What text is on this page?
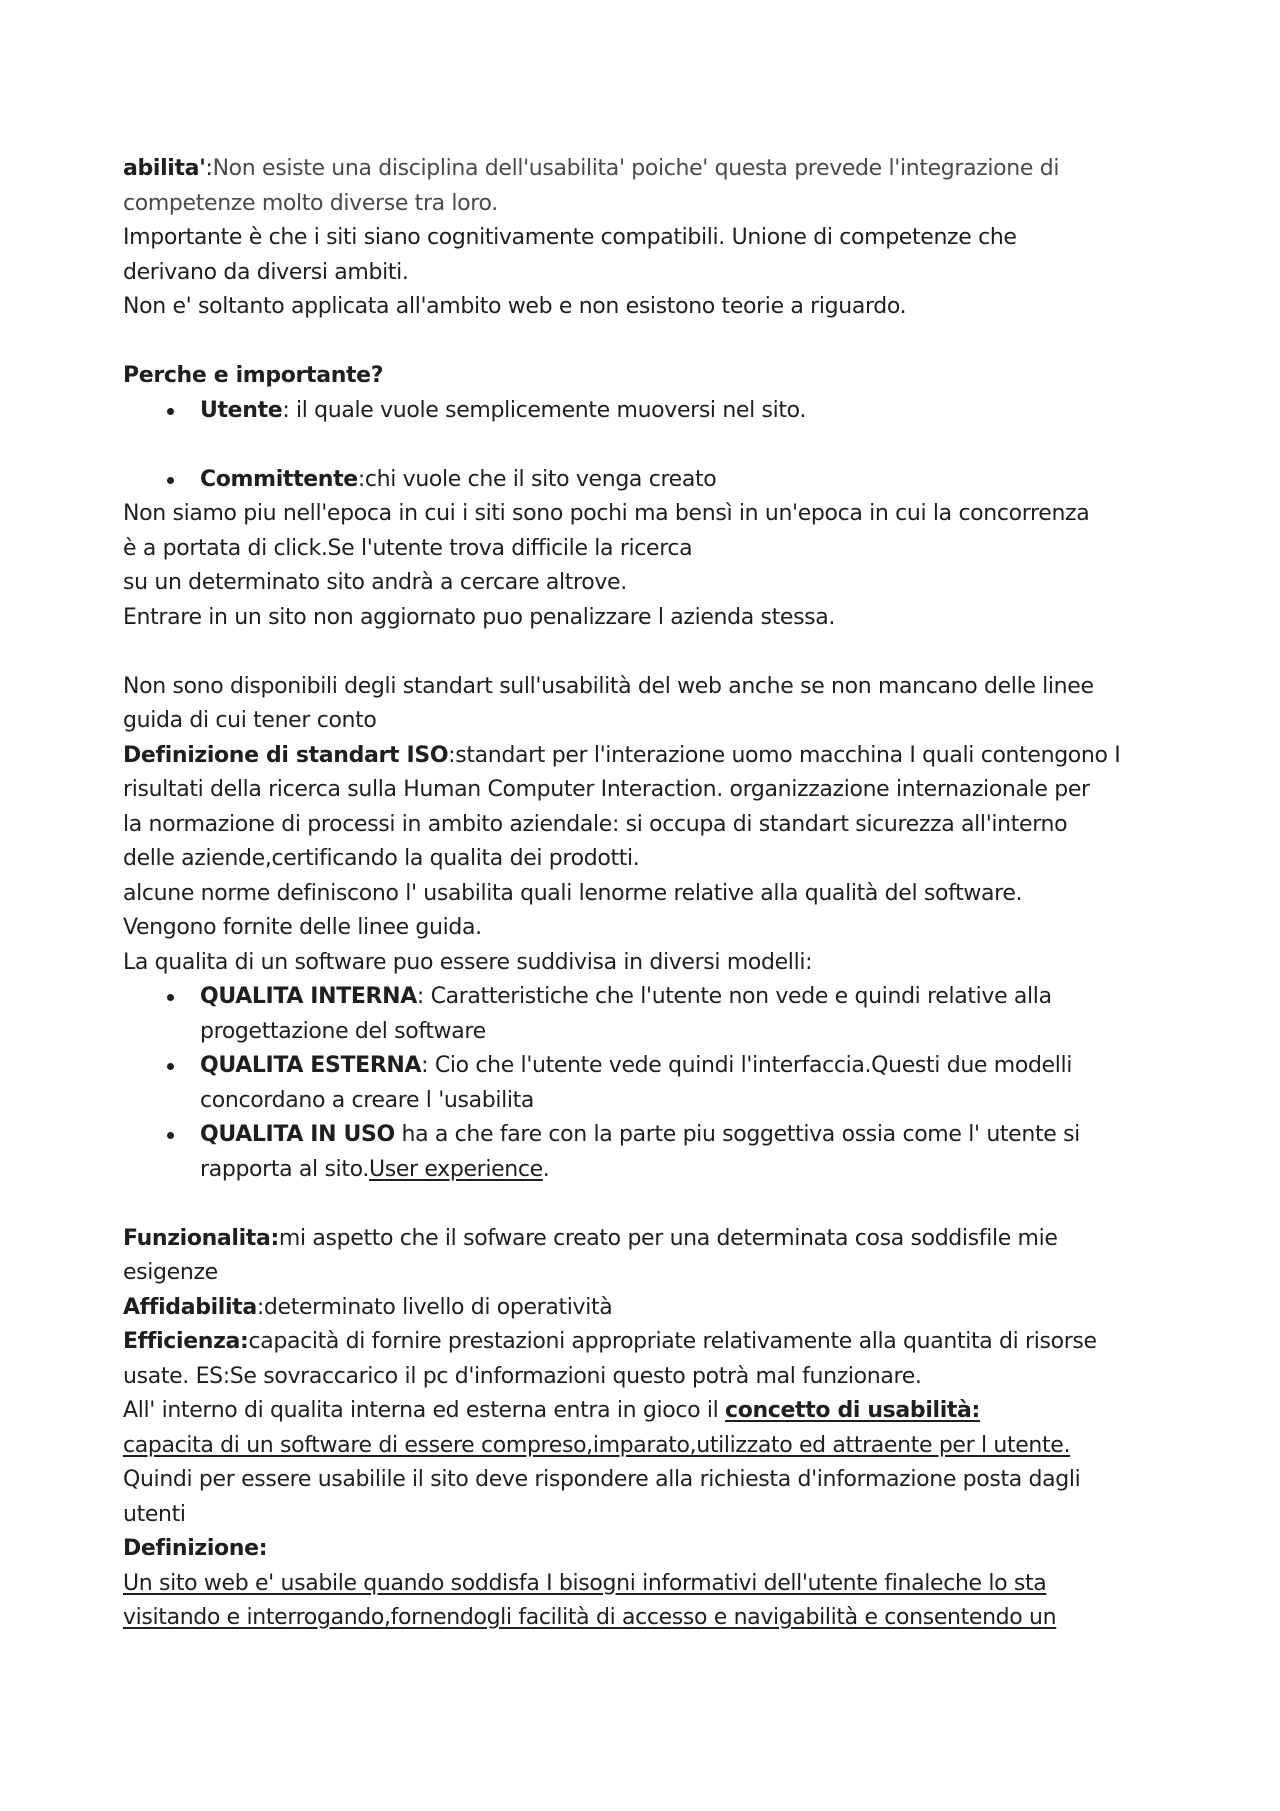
abilita':Non esiste una disciplina dell'usabilita' poiche' questa prevede l'integrazione di

competenze molto diverse tra loro.

Importante è che i siti siano cognitivamente compatibili. Unione di competenze che

derivano da diversi ambiti.

Non e' soltanto applicata all'ambito web e non esistono teorie a riguardo.

Perche e importante?

Utente: il quale vuole semplicemente muoversi nel sito.

Committente:chi vuole che il sito venga creato

Non siamo piu nell'epoca in cui i siti sono pochi ma bensì in un'epoca in cui la concorrenza

è a portata di click.Se l'utente trova difficile la ricerca

su un determinato sito andrà a cercare altrove.

Entrare in un sito non aggiornato puo penalizzare l azienda stessa.

Non sono disponibili degli standart sull'usabilità del web anche se non mancano delle linee

guida di cui tener conto

Definizione di standart ISO:standart per l'interazione uomo macchina I quali contengono I

risultati della ricerca sulla Human Computer Interaction. organizzazione internazionale per

la normazione di processi in ambito aziendale: si occupa di standart sicurezza all'interno

delle aziende,certificando la qualita dei prodotti.

alcune norme definiscono l' usabilita quali lenorme relative alla qualità del software.

Vengono fornite delle linee guida.

La qualita di un software puo essere suddivisa in diversi modelli:

QUALITA INTERNA: Caratteristiche che l'utente non vede e quindi relative alla

progettazione del software

QUALITA ESTERNA: Cio che l'utente vede quindi l'interfaccia.Questi due modelli

concordano a creare l 'usabilita

QUALITA IN USO ha a che fare con la parte piu soggettiva ossia come l' utente si

rapporta al sito.User experience.

Funzionalita:mi aspetto che il sofware creato per una determinata cosa soddisfile mie

esigenze

Affidabilita:determinato livello di operatività

Efficienza:capacità di fornire prestazioni appropriate relativamente alla quantita di risorse

usate. ES:Se sovraccarico il pc d'informazioni questo potrà mal funzionare.

All' interno di qualita interna ed esterna entra in gioco il concetto di usabilità:

capacita di un software di essere compreso,imparato,utilizzato ed attraente per l utente.

Quindi per essere usabilile il sito deve rispondere alla richiesta d'informazione posta dagli

utenti

Definizione:

Un sito web e' usabile quando soddisfa I bisogni informativi dell'utente finaleche lo sta

visitando e interrogando,fornendogli facilità di accesso e navigabilità e consentendo un
